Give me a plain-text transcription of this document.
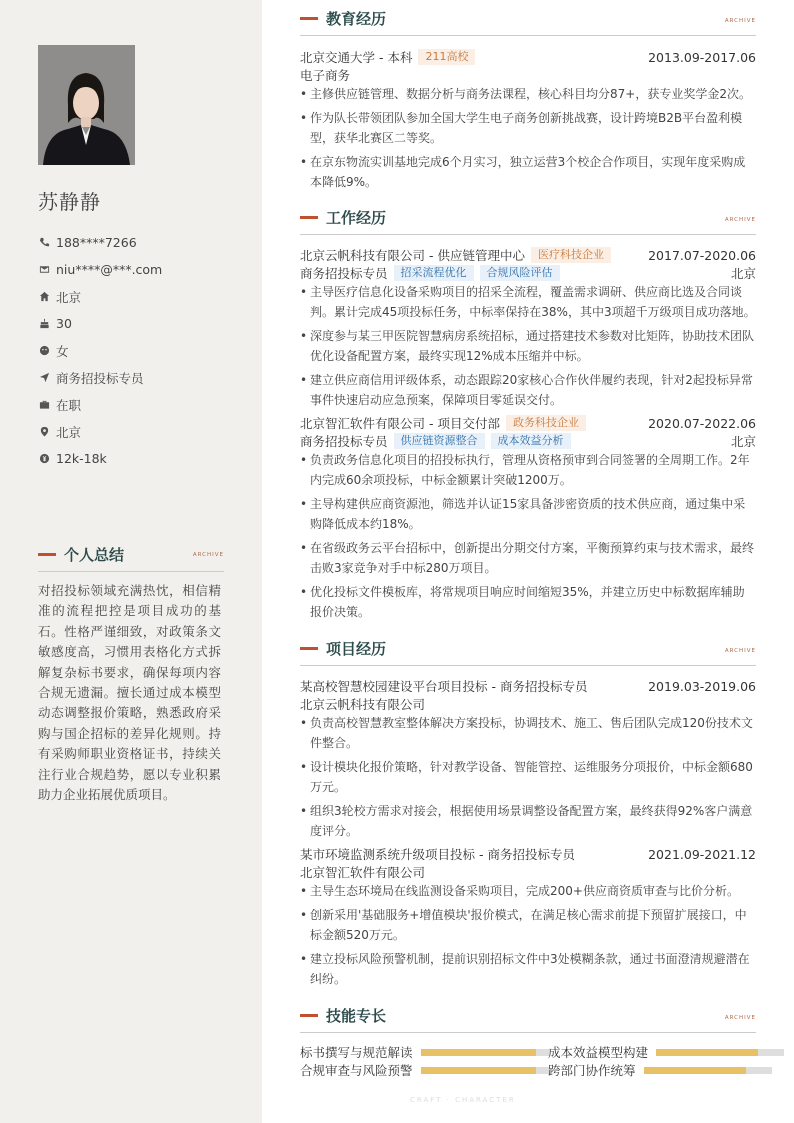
苏静静
188****7266
niu****@***.com
北京
30
女
商务招投标专员
在职
北京
12k-18k
个人总结	ARCHIVE
对招投标领域充满热忱，相信精准的流程把控是项目成功的基石。性格严谨细致，对政策条文敏感度高，习惯用表格化方式拆解复杂标书要求，确保每项内容合规无遗漏。擅长通过成本模型动态调整报价策略，熟悉政府采购与国企招标的差异化规则。持有采购师职业资格证书，持续关注行业合规趋势，愿以专业积累助力企业拓展优质项目。
教育经历	ARCHIVE
北京交通大学 - 本科	211高校	2013.09-2017.06
电子商务
• 主修供应链管理、数据分析与商务法课程，核心科目均分87+，获专业奖学金2次。
• 作为队长带领团队参加全国大学生电子商务创新挑战赛，设计跨境B2B平台盈利模型，获华北赛区二等奖。
• 在京东物流实训基地完成6个月实习，独立运营3个校企合作项目，实现年度采购成本降低9%。
工作经历	ARCHIVE
北京云帆科技有限公司 - 供应链管理中心	医疗科技企业	2017.07-2020.06
商务招投标专员	招采流程优化	合规风险评估	北京
• 主导医疗信息化设备采购项目的招采全流程，覆盖需求调研、供应商比选及合同谈判。累计完成45项投标任务，中标率保持在38%，其中3项超千万级项目成功落地。
• 深度参与某三甲医院智慧病房系统招标，通过搭建技术参数对比矩阵，协助技术团队优化设备配置方案，最终实现12%成本压缩并中标。
• 建立供应商信用评级体系，动态跟踪20家核心合作伙伴履约表现，针对2起投标异常事件快速启动应急预案，保障项目零延误交付。
北京智汇软件有限公司 - 项目交付部	政务科技企业	2020.07-2022.06
商务招投标专员	供应链资源整合	成本效益分析	北京
• 负责政务信息化项目的招投标执行，管理从资格预审到合同签署的全周期工作。2年内完成60余项投标，中标金额累计突破1200万。
• 主导构建供应商资源池，筛选并认证15家具备涉密资质的技术供应商，通过集中采购降低成本约18%。
• 在省级政务云平台招标中，创新提出分期交付方案，平衡预算约束与技术需求，最终击败3家竞争对手中标280万项目。
• 优化投标文件模板库，将常规项目响应时间缩短35%，并建立历史中标数据库辅助报价决策。
项目经历	ARCHIVE
某高校智慧校园建设平台项目投标 - 商务招投标专员	2019.03-2019.06
北京云帆科技有限公司
• 负责高校智慧教室整体解决方案投标，协调技术、施工、售后团队完成120份技术文件整合。
• 设计模块化报价策略，针对教学设备、智能管控、运维服务分项报价，中标金额680万元。
• 组织3轮校方需求对接会，根据使用场景调整设备配置方案，最终获得92%客户满意度评分。
某市环境监测系统升级项目投标 - 商务招投标专员	2021.09-2021.12
北京智汇软件有限公司
• 主导生态环境局在线监测设备采购项目，完成200+供应商资质审查与比价分析。
• 创新采用'基础服务+增值模块'报价模式，在满足核心需求前提下预留扩展接口，中标金额520万元。
• 建立投标风险预警机制，提前识别招标文件中3处模糊条款，通过书面澄清规避潜在纠纷。
技能专长	ARCHIVE
标书撰写与规范解读	成本效益模型构建
合规审查与风险预警	跨部门协作统筹
CRAFT · CHARACTER
